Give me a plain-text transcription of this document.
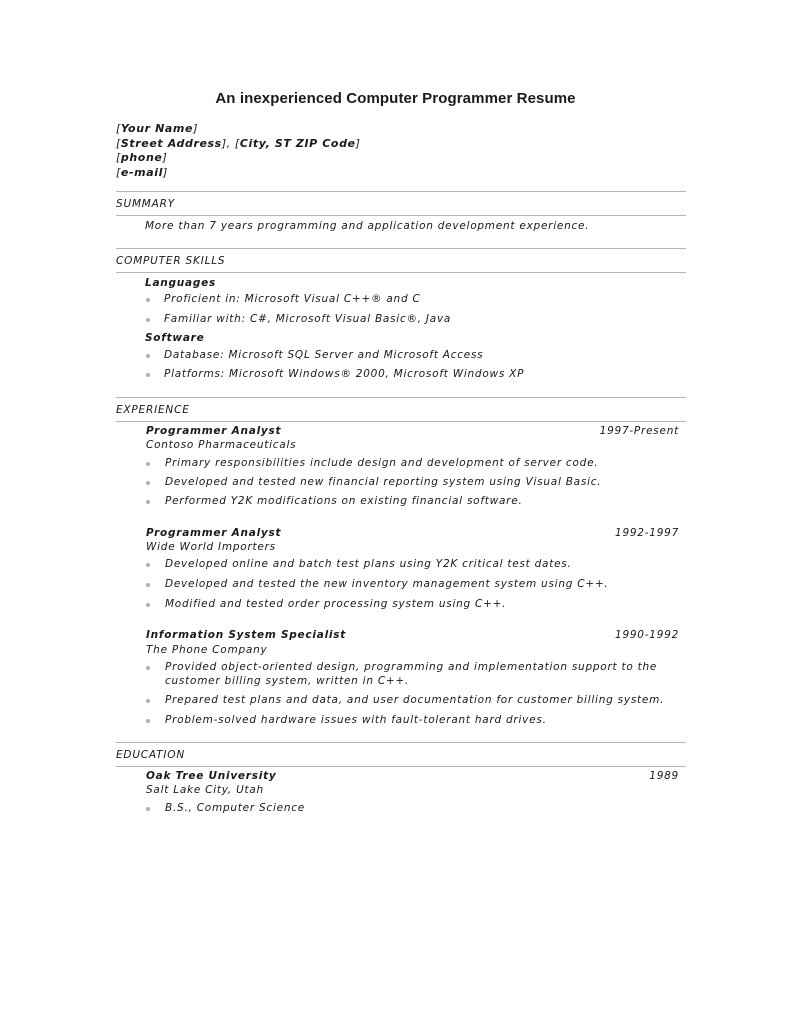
An inexperienced Computer Programmer Resume
[Your Name]
[Street Address], [City, ST ZIP Code]
[phone]
[e-mail]
SUMMARY
More than 7 years programming and application development experience.
COMPUTER SKILLS
Languages
Proficient in: Microsoft Visual C++® and C
Familiar with: C#, Microsoft Visual Basic®, Java
Software
Database: Microsoft SQL Server and Microsoft Access
Platforms: Microsoft Windows® 2000, Microsoft Windows XP
EXPERIENCE
Programmer Analyst	1997-Present
Contoso Pharmaceuticals
Primary responsibilities include design and development of server code.
Developed and tested new financial reporting system using Visual Basic.
Performed Y2K modifications on existing financial software.
Programmer Analyst	1992-1997
Wide World Importers
Developed online and batch test plans using Y2K critical test dates.
Developed and tested the new inventory management system using C++.
Modified and tested order processing system using C++.
Information System Specialist	1990-1992
The Phone Company
Provided object-oriented design, programming and implementation support to the
customer billing system, written in C++.
Prepared test plans and data, and user documentation for customer billing system.
Problem-solved hardware issues with fault-tolerant hard drives.
EDUCATION
Oak Tree University	1989
Salt Lake City, Utah
B.S., Computer Science
